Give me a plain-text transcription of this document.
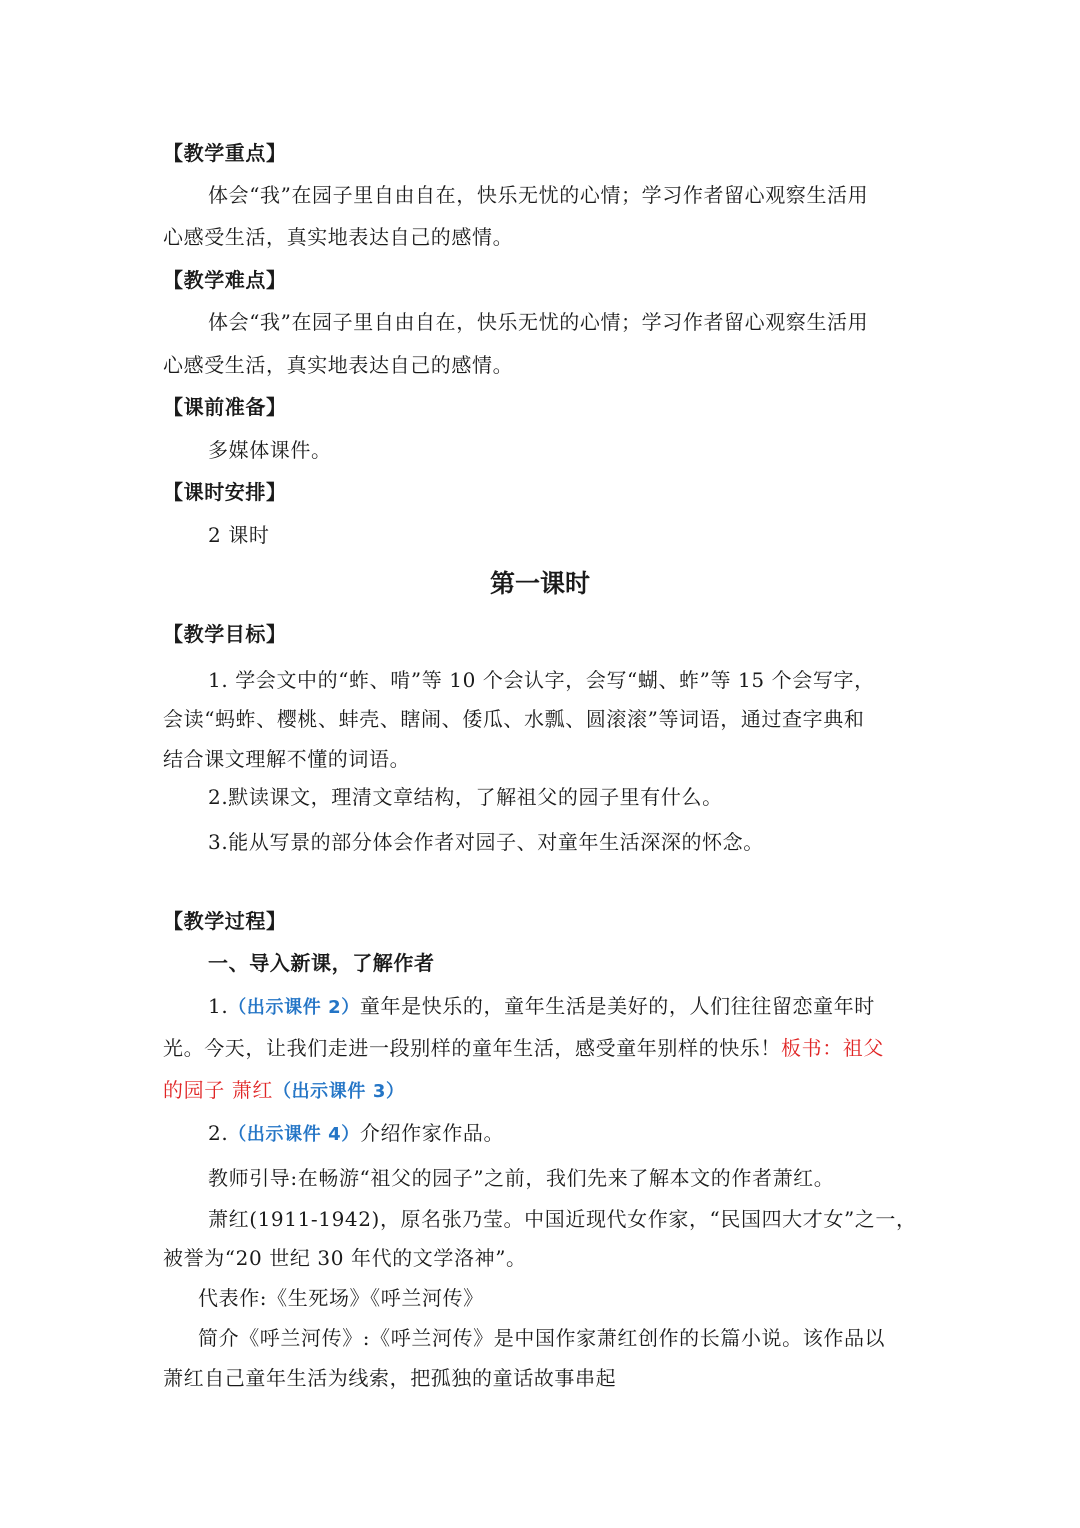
【教学重点】
体会“我”在园子里自由自在，快乐无忧的心情；学习作者留心观察生活用
心感受生活，真实地表达自己的感情。
【教学难点】
体会“我”在园子里自由自在，快乐无忧的心情；学习作者留心观察生活用
心感受生活，真实地表达自己的感情。
【课前准备】
多媒体课件。
【课时安排】
2 课时
第一课时
【教学目标】
1. 学会文中的“蚱、啃”等 10 个会认字，会写“蝴、蚱”等 15 个会写字，
会读“蚂蚱、樱桃、蚌壳、瞎闹、倭瓜、水瓢、圆滚滚”等词语，通过查字典和
结合课文理解不懂的词语。
2.默读课文，理清文章结构，了解祖父的园子里有什么。
3.能从写景的部分体会作者对园子、对童年生活深深的怀念。
【教学过程】
一、导入新课，了解作者
1.（出示课件 2）童年是快乐的，童年生活是美好的，人们往往留恋童年时
光。今天，让我们走进一段别样的童年生活，感受童年别样的快乐！板书：祖父
的园子 萧红（出示课件 3）
2.（出示课件 4）介绍作家作品。
教师引导:在畅游“祖父的园子”之前，我们先来了解本文的作者萧红。
萧红(1911-1942)，原名张乃莹。中国近现代女作家，“民国四大才女”之一，
被誉为“20 世纪 30 年代的文学洛神”。
代表作:《生死场》《呼兰河传》
简介《呼兰河传》:《呼兰河传》是中国作家萧红创作的长篇小说。该作品以
萧红自己童年生活为线索，把孤独的童话故事串起
